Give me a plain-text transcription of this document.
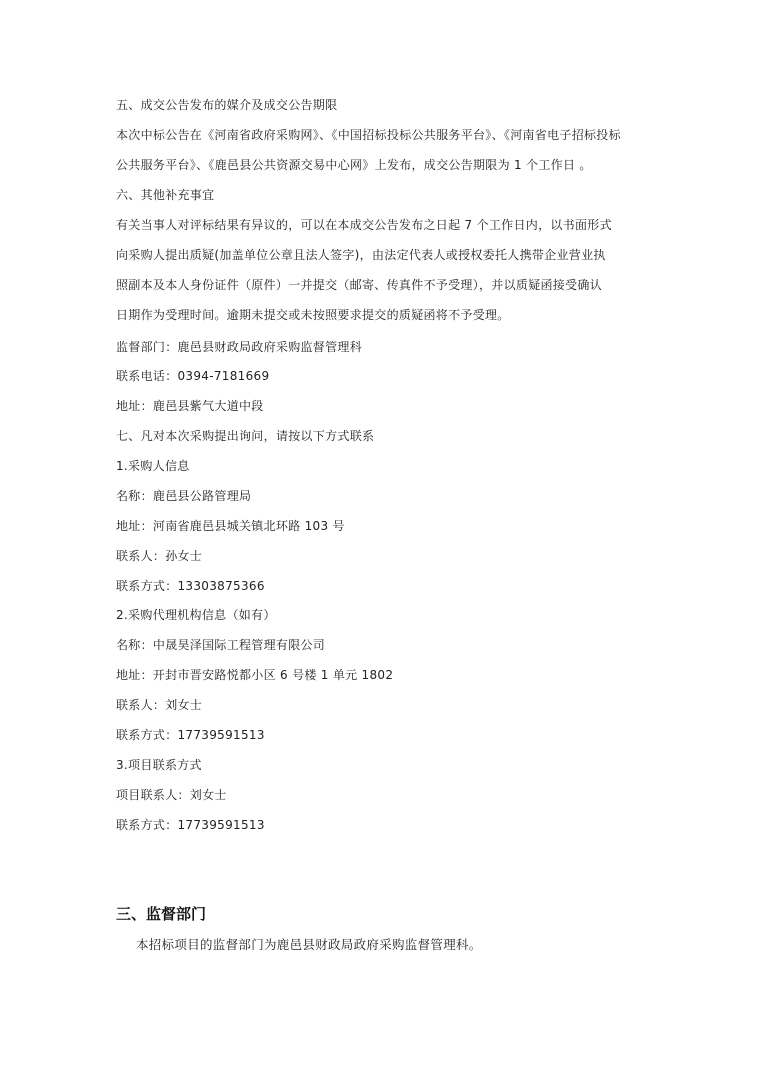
五、成交公告发布的媒介及成交公告期限
本次中标公告在《河南省政府采购网》、《中国招标投标公共服务平台》、《河南省电子招标投标
公共服务平台》、《鹿邑县公共资源交易中心网》上发布，成交公告期限为 1 个工作日 。
六、其他补充事宜
有关当事人对评标结果有异议的，可以在本成交公告发布之日起 7 个工作日内，以书面形式
向采购人提出质疑(加盖单位公章且法人签字)，由法定代表人或授权委托人携带企业营业执
照副本及本人身份证件（原件）一并提交（邮寄、传真件不予受理），并以质疑函接受确认
日期作为受理时间。逾期未提交或未按照要求提交的质疑函将不予受理。
监督部门：鹿邑县财政局政府采购监督管理科
联系电话：0394-7181669
地址：鹿邑县紫气大道中段
七、凡对本次采购提出询问，请按以下方式联系
1.采购人信息
名称：鹿邑县公路管理局
地址：河南省鹿邑县城关镇北环路 103 号
联系人：孙女士
联系方式：13303875366
2.采购代理机构信息（如有）
名称：中晟昊泽国际工程管理有限公司
地址：开封市晋安路悦都小区 6 号楼 1 单元 1802
联系人：刘女士
联系方式：17739591513
3.项目联系方式
项目联系人：刘女士
联系方式：17739591513
三、监督部门
本招标项目的监督部门为鹿邑县财政局政府采购监督管理科。
